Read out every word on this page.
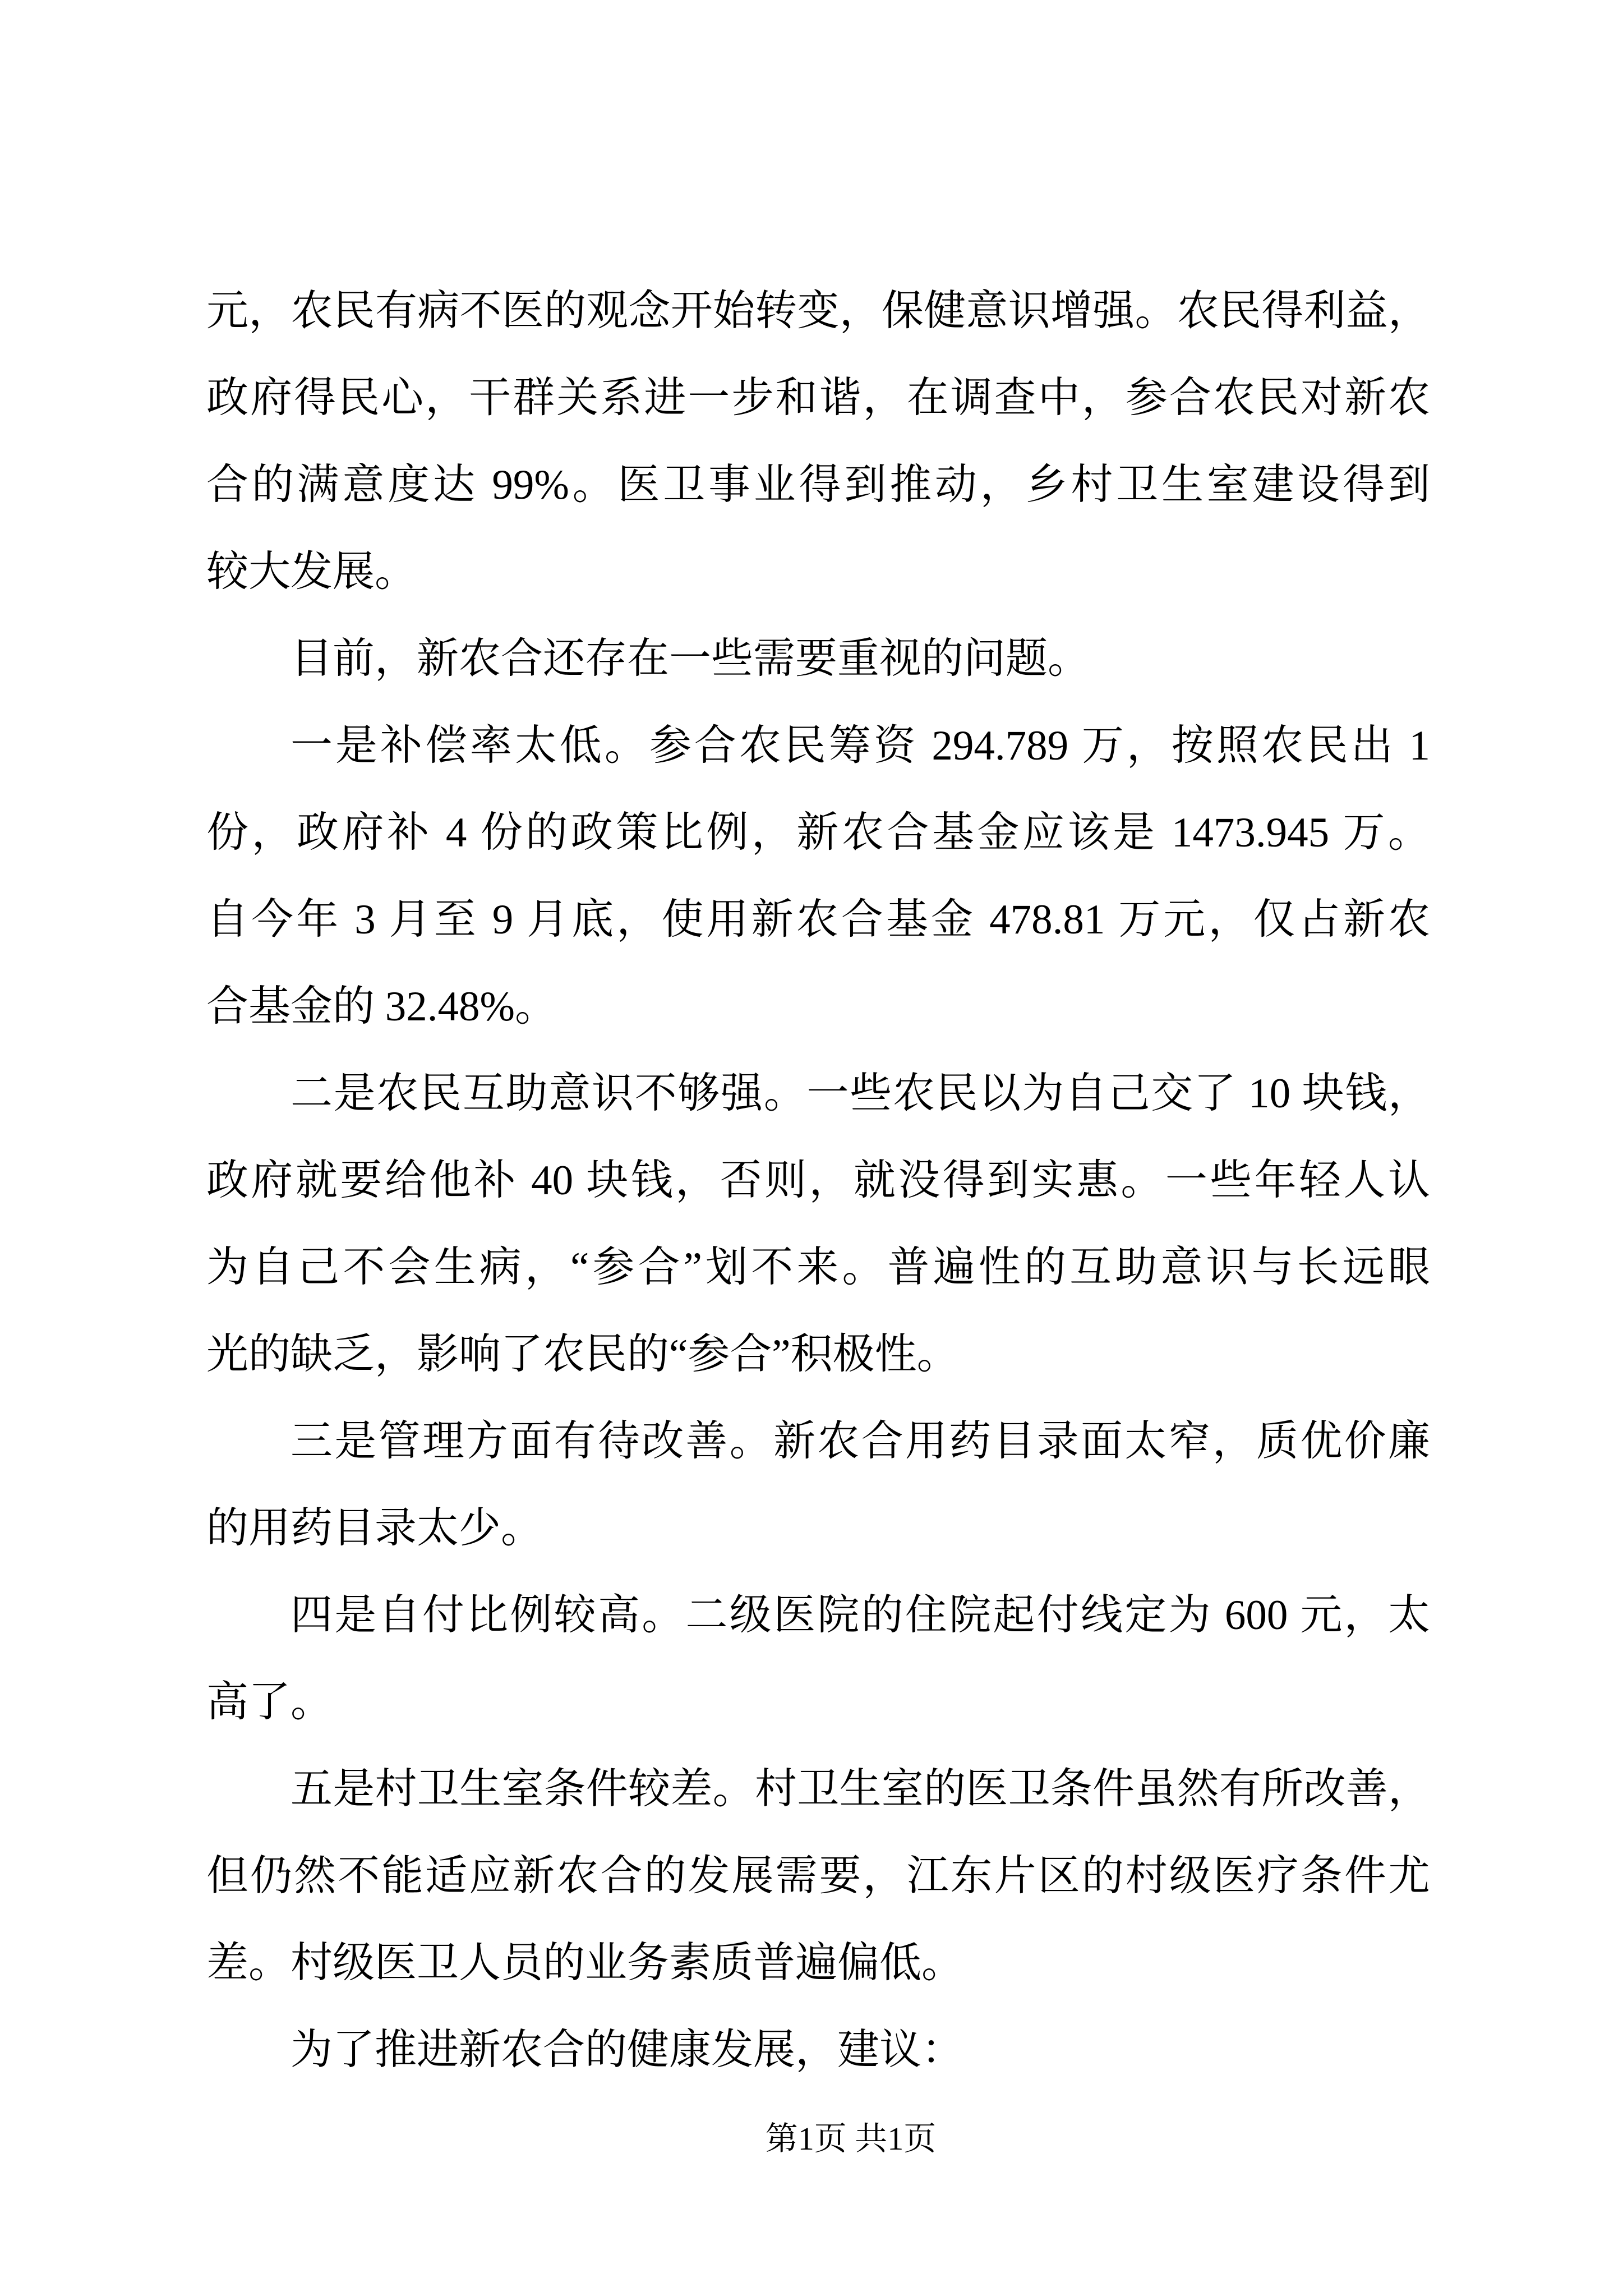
元，农民有病不医的观念开始转变，保健意识增强。农民得利益，
政府得民心，干群关系进一步和谐，在调查中，参合农民对新农
合的满意度达 99%。医卫事业得到推动，乡村卫生室建设得到
较大发展。
目前，新农合还存在一些需要重视的问题。
一是补偿率太低。参合农民筹资 294.789 万，按照农民出 1
份，政府补 4 份的政策比例，新农合基金应该是 1473.945 万。
自今年 3 月至 9 月底，使用新农合基金 478.81 万元，仅占新农
合基金的 32.48%。
二是农民互助意识不够强。一些农民以为自己交了 10 块钱，
政府就要给他补 40 块钱，否则，就没得到实惠。一些年轻人认
为自己不会生病，“参合”划不来。普遍性的互助意识与长远眼
光的缺乏，影响了农民的“参合”积极性。
三是管理方面有待改善。新农合用药目录面太窄，质优价廉
的用药目录太少。
四是自付比例较高。二级医院的住院起付线定为 600 元，太
高了。
五是村卫生室条件较差。村卫生室的医卫条件虽然有所改善，
但仍然不能适应新农合的发展需要，江东片区的村级医疗条件尤
差。村级医卫人员的业务素质普遍偏低。
为了推进新农合的健康发展，建议：
第1页 共1页
